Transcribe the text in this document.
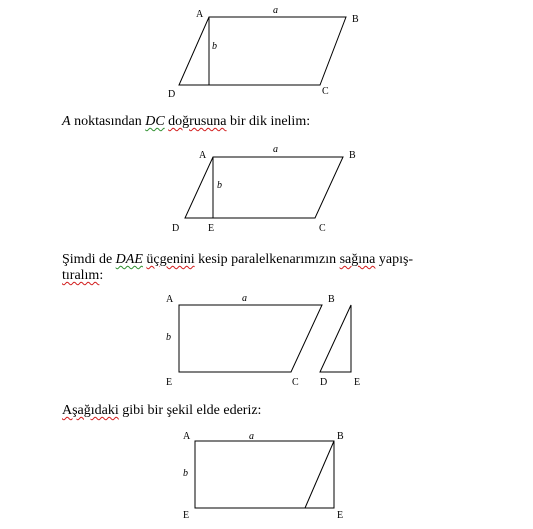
A	a
B
b
D	C
A
a
B
b
D	E	C
A	a	B
b
E	C D	E
A	a	B
b
E	E
A noktasından DC doğrusuna bir dik inelim:
Şimdi de DAE üçgenini kesip paralelkenarımızın sağına yapış-
tıralım:
Aşağıdaki gibi bir şekil elde ederiz:
